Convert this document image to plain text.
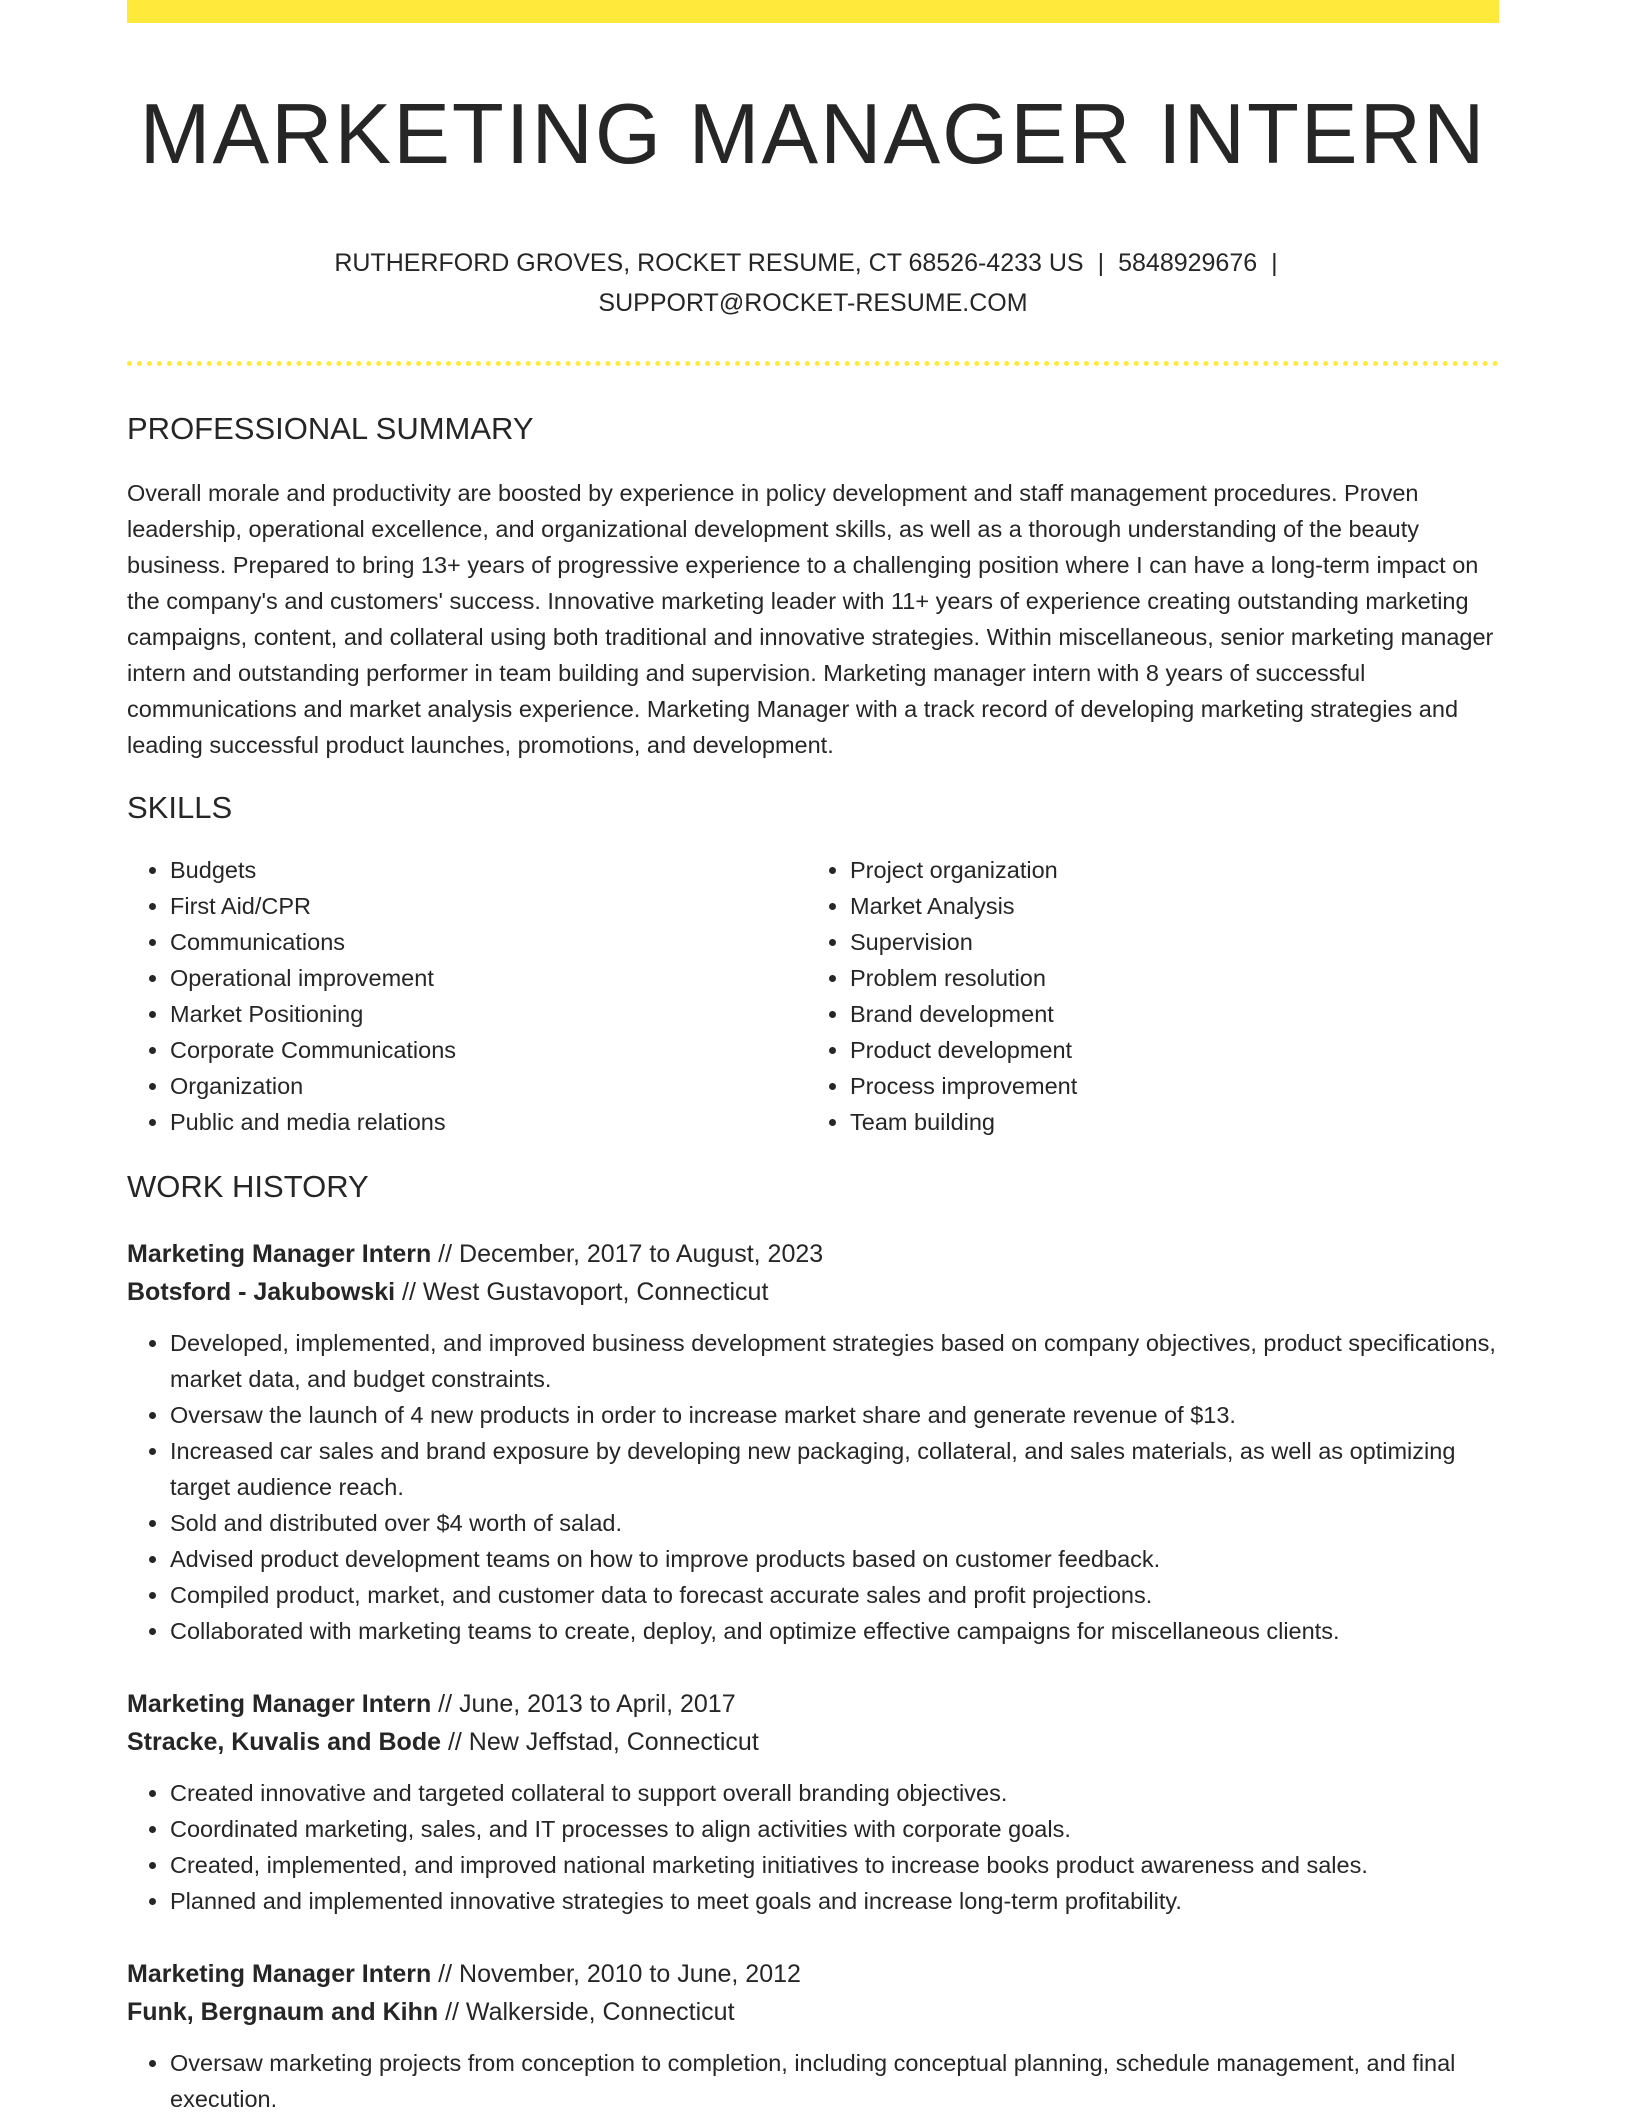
MARKETING MANAGER INTERN
RUTHERFORD GROVES, ROCKET RESUME, CT 68526-4233 US | 5848929676 |
SUPPORT@ROCKET-RESUME.COM
PROFESSIONAL SUMMARY

Overall morale and productivity are boosted by experience in policy development and staff management procedures. Proven leadership, operational excellence, and organizational development skills, as well as a thorough understanding of the beauty business. Prepared to bring 13+ years of progressive experience to a challenging position where I can have a long-term impact on the company's and customers' success. Innovative marketing leader with 11+ years of experience creating outstanding marketing campaigns, content, and collateral using both traditional and innovative strategies. Within miscellaneous, senior marketing manager intern and outstanding performer in team building and supervision. Marketing manager intern with 8 years of successful communications and market analysis experience. Marketing Manager with a track record of developing marketing strategies and leading successful product launches, promotions, and development.

SKILLS
• Budgets
• First Aid/CPR
• Communications
• Operational improvement
• Market Positioning
• Corporate Communications
• Organization
• Public and media relations
• Project organization
• Market Analysis
• Supervision
• Problem resolution
• Brand development
• Product development
• Process improvement
• Team building
WORK HISTORY
Marketing Manager Intern // December, 2017 to August, 2023
Botsford - Jakubowski // West Gustavoport, Connecticut
• Developed, implemented, and improved business development strategies based on company objectives, product specifications, market data, and budget constraints.
• Oversaw the launch of 4 new products in order to increase market share and generate revenue of $13.
• Increased car sales and brand exposure by developing new packaging, collateral, and sales materials, as well as optimizing target audience reach.
• Sold and distributed over $4 worth of salad.
• Advised product development teams on how to improve products based on customer feedback.
• Compiled product, market, and customer data to forecast accurate sales and profit projections.
• Collaborated with marketing teams to create, deploy, and optimize effective campaigns for miscellaneous clients.
Marketing Manager Intern // June, 2013 to April, 2017
Stracke, Kuvalis and Bode // New Jeffstad, Connecticut
• Created innovative and targeted collateral to support overall branding objectives.
• Coordinated marketing, sales, and IT processes to align activities with corporate goals.
• Created, implemented, and improved national marketing initiatives to increase books product awareness and sales.
• Planned and implemented innovative strategies to meet goals and increase long-term profitability.
Marketing Manager Intern // November, 2010 to June, 2012
Funk, Bergnaum and Kihn // Walkerside, Connecticut
• Oversaw marketing projects from conception to completion, including conceptual planning, schedule management, and final execution.
